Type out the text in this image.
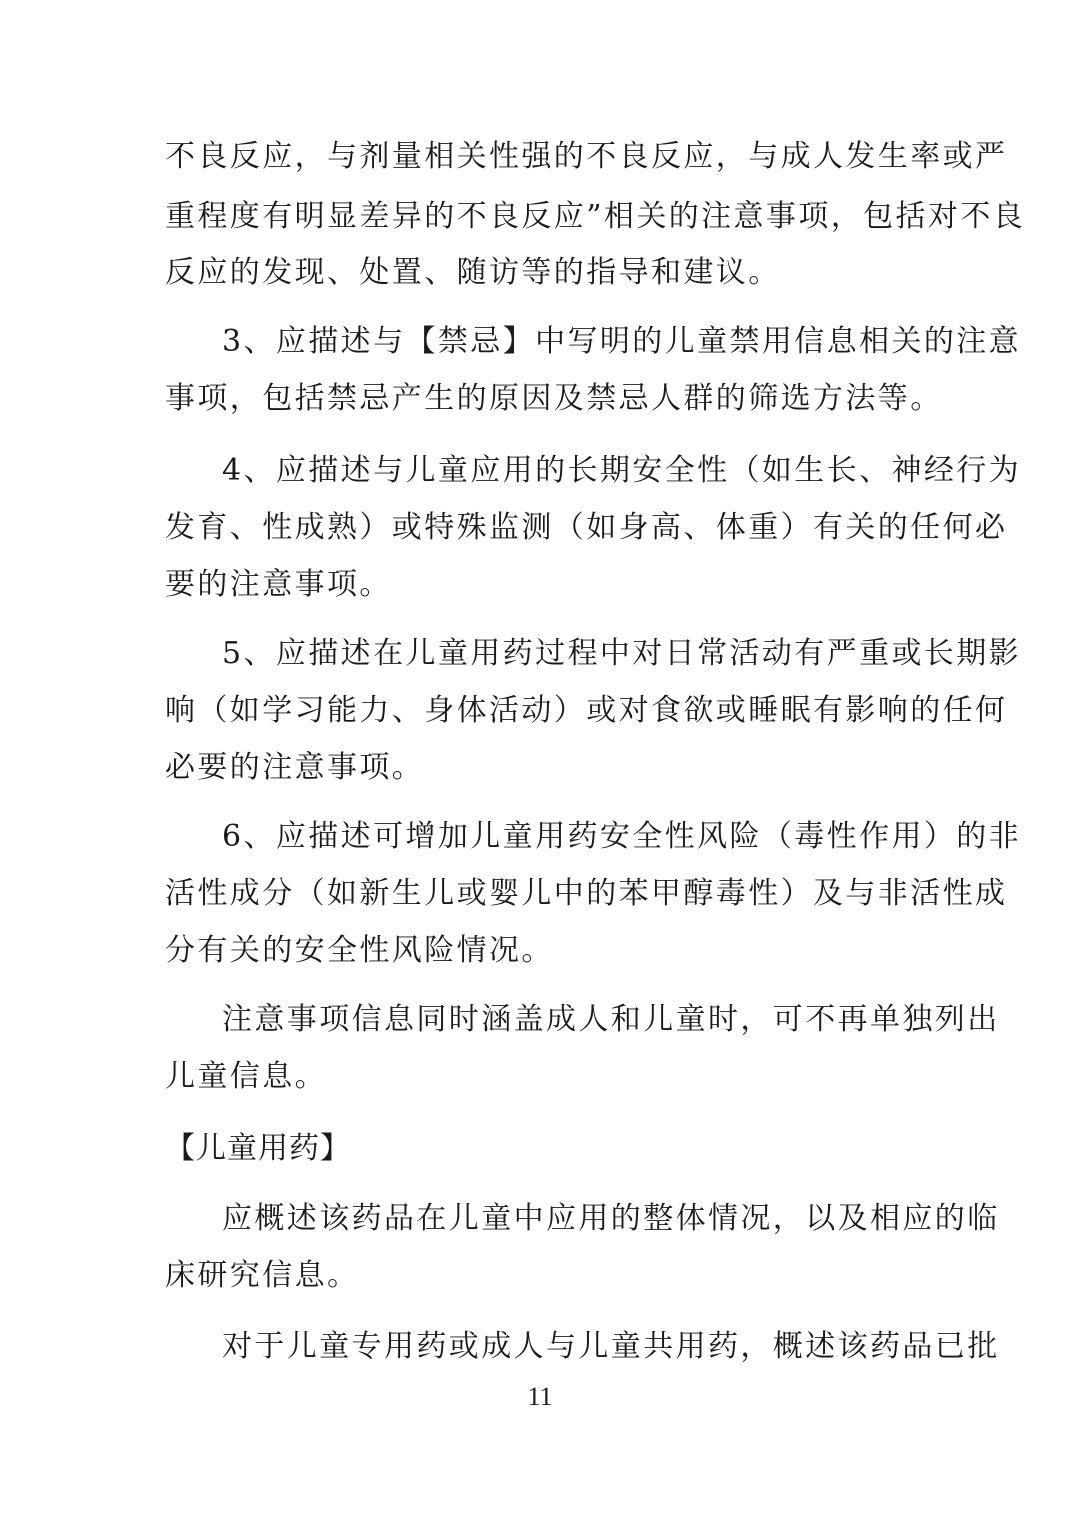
不良反应，与剂量相关性强的不良反应，与成人发生率或严
重程度有明显差异的不良反应”相关的注意事项，包括对不良
反应的发现、处置、随访等的指导和建议。
3、应描述与【禁忌】中写明的儿童禁用信息相关的注意
事项，包括禁忌产生的原因及禁忌人群的筛选方法等。
4、应描述与儿童应用的长期安全性（如生长、神经行为
发育、性成熟）或特殊监测（如身高、体重）有关的任何必
要的注意事项。
5、应描述在儿童用药过程中对日常活动有严重或长期影
响（如学习能力、身体活动）或对食欲或睡眠有影响的任何
必要的注意事项。
6、应描述可增加儿童用药安全性风险（毒性作用）的非
活性成分（如新生儿或婴儿中的苯甲醇毒性）及与非活性成
分有关的安全性风险情况。
注意事项信息同时涵盖成人和儿童时，可不再单独列出
儿童信息。
【儿童用药】
应概述该药品在儿童中应用的整体情况，以及相应的临
床研究信息。
对于儿童专用药或成人与儿童共用药，概述该药品已批
11
